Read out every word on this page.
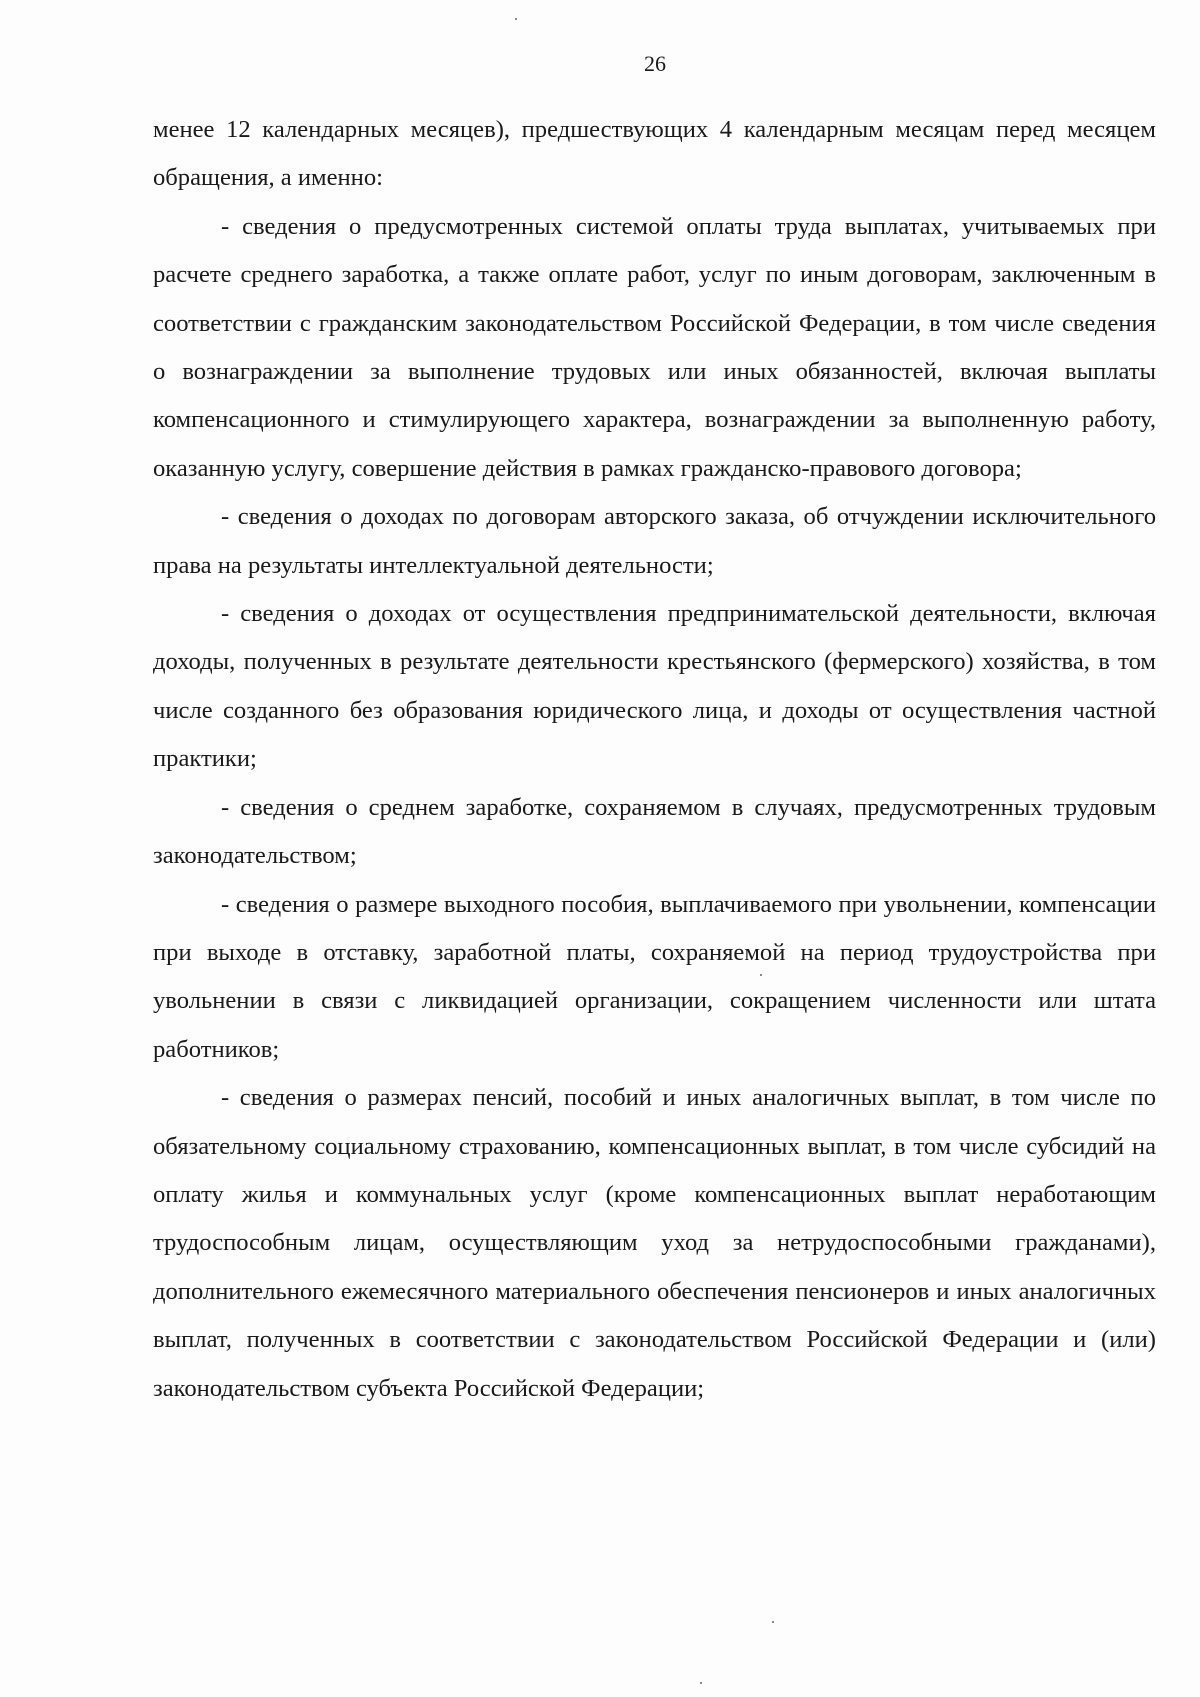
26

менее 12 календарных месяцев), предшествующих 4 календарным месяцам перед месяцем обращения, а именно:

- сведения о предусмотренных системой оплаты труда выплатах, учитываемых при расчете среднего заработка, а также оплате работ, услуг по иным договорам, заключенным в соответствии с гражданским законодательством Российской Федерации, в том числе сведения о вознаграждении за выполнение трудовых или иных обязанностей, включая выплаты компенсационного и стимулирующего характера, вознаграждении за выполненную работу, оказанную услугу, совершение действия в рамках гражданско-правового договора;

- сведения о доходах по договорам авторского заказа, об отчуждении исключительного права на результаты интеллектуальной деятельности;

- сведения о доходах от осуществления предпринимательской деятельности, включая доходы, полученных в результате деятельности крестьянского (фермерского) хозяйства, в том числе созданного без образования юридического лица, и доходы от осуществления частной практики;

- сведения о среднем заработке, сохраняемом в случаях, предусмотренных трудовым законодательством;

- сведения о размере выходного пособия, выплачиваемого при увольнении, компенсации при выходе в отставку, заработной платы, сохраняемой на период трудоустройства при увольнении в связи с ликвидацией организации, сокращением численности или штата работников;

- сведения о размерах пенсий, пособий и иных аналогичных выплат, в том числе по обязательному социальному страхованию, компенсационных выплат, в том числе субсидий на оплату жилья и коммунальных услуг (кроме компенсационных выплат неработающим трудоспособным лицам, осуществляющим уход за нетрудоспособными гражданами), дополнительного ежемесячного материального обеспечения пенсионеров и иных аналогичных выплат, полученных в соответствии с законодательством Российской Федерации и (или) законодательством субъекта Российской Федерации;
